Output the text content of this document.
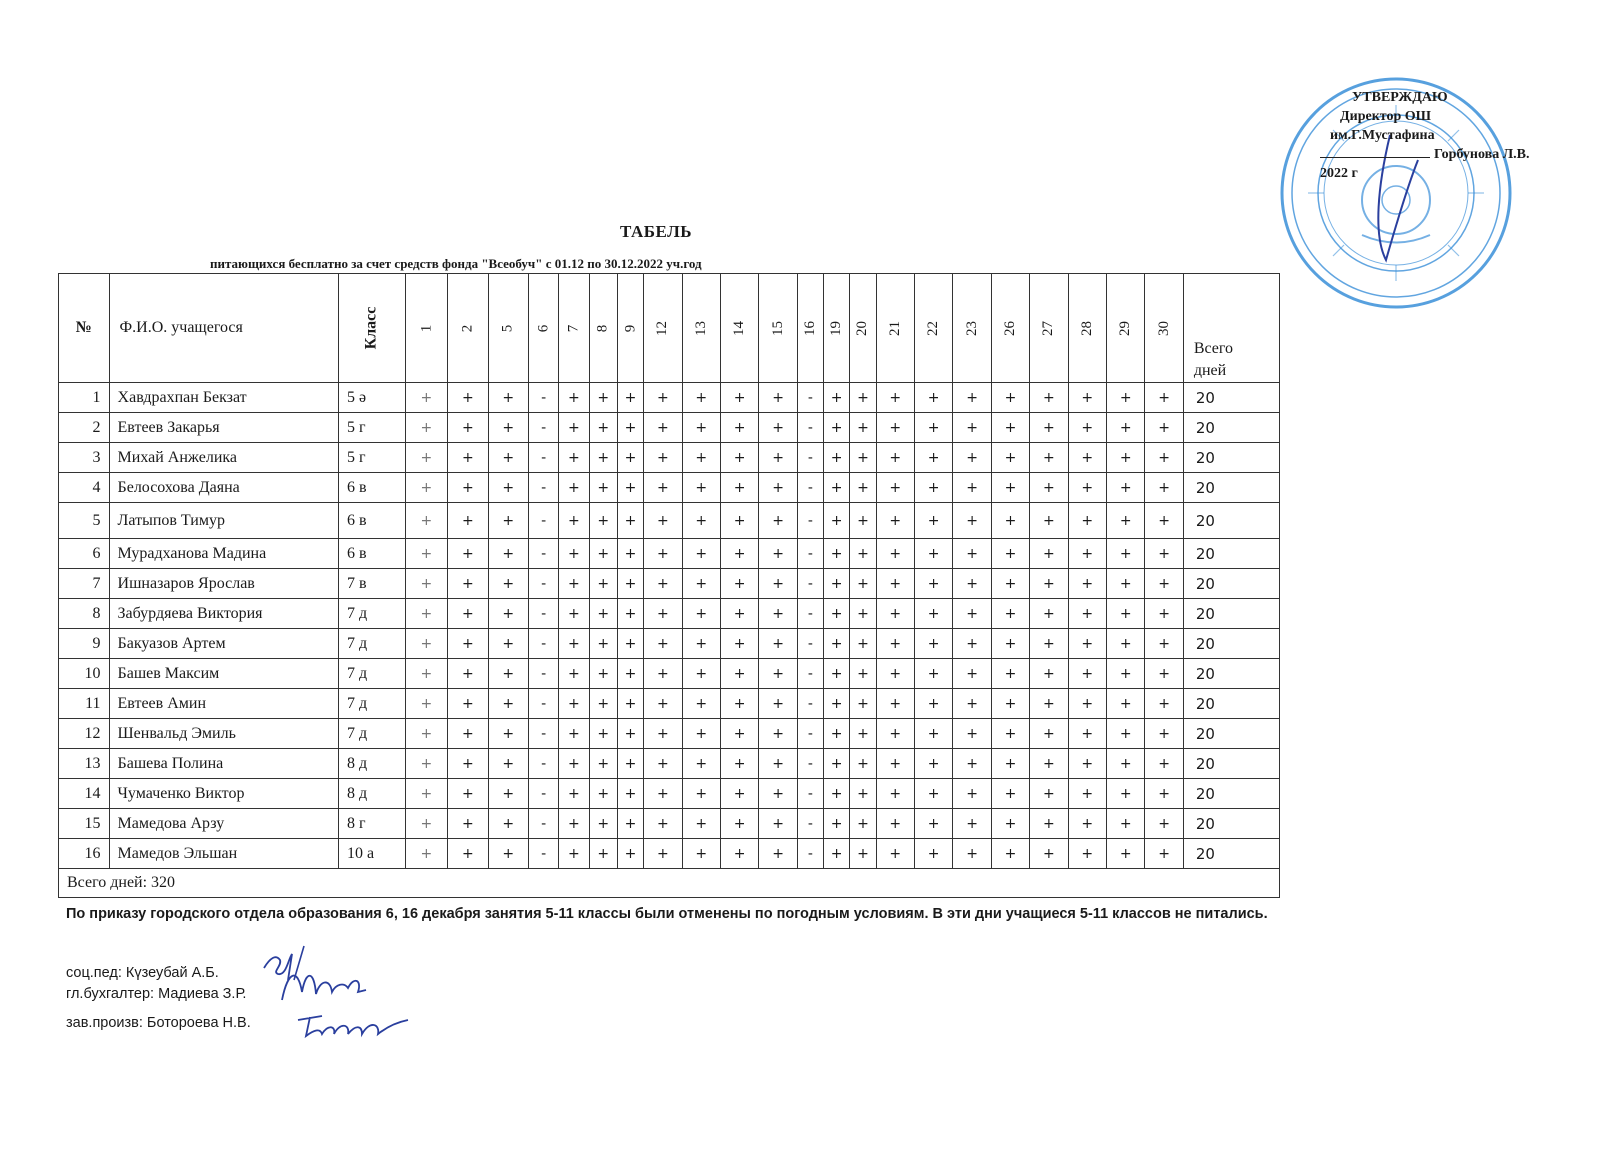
УТВЕРЖДАЮ
Директор ОШ
им.Г.Мустафина
Горбунова Л.В.
2022 г
ТАБЕЛЬ
питающихся бесплатно за счет средств фонда "Всеобуч" с 01.12 по 30.12.2022 уч.год
№	Ф.И.О. учащегося	Класс	1	2	5	6	7	8	9	12	13	14	15	16	19	20	21	22	23	26	27	28	29	30	Всего
дней
1	Хавдрахпан Бекзат	5 ә	+	+	+	-	+	+	+	+	+	+	+	-	+	+	+	+	+	+	+	+	+	+	20
2	Евтеев Закарья	5 г	+	+	+	-	+	+	+	+	+	+	+	-	+	+	+	+	+	+	+	+	+	+	20
3	Михай Анжелика	5 г	+	+	+	-	+	+	+	+	+	+	+	-	+	+	+	+	+	+	+	+	+	+	20
4	Белосохова Даяна	6 в	+	+	+	-	+	+	+	+	+	+	+	-	+	+	+	+	+	+	+	+	+	+	20
5	Латыпов Тимур	6 в	+	+	+	-	+	+	+	+	+	+	+	-	+	+	+	+	+	+	+	+	+	+	20
6	Мурадханова Мадина	6 в	+	+	+	-	+	+	+	+	+	+	+	-	+	+	+	+	+	+	+	+	+	+	20
7	Ишназаров Ярослав	7 в	+	+	+	-	+	+	+	+	+	+	+	-	+	+	+	+	+	+	+	+	+	+	20
8	Забурдяева Виктория	7 д	+	+	+	-	+	+	+	+	+	+	+	-	+	+	+	+	+	+	+	+	+	+	20
9	Бакуазов Артем	7 д	+	+	+	-	+	+	+	+	+	+	+	-	+	+	+	+	+	+	+	+	+	+	20
10	Башев Максим	7 д	+	+	+	-	+	+	+	+	+	+	+	-	+	+	+	+	+	+	+	+	+	+	20
11	Евтеев Амин	7 д	+	+	+	-	+	+	+	+	+	+	+	-	+	+	+	+	+	+	+	+	+	+	20
12	Шенвальд Эмиль	7 д	+	+	+	-	+	+	+	+	+	+	+	-	+	+	+	+	+	+	+	+	+	+	20
13	Башева Полина	8 д	+	+	+	-	+	+	+	+	+	+	+	-	+	+	+	+	+	+	+	+	+	+	20
14	Чумаченко Виктор	8 д	+	+	+	-	+	+	+	+	+	+	+	-	+	+	+	+	+	+	+	+	+	+	20
15	Мамедова Арзу	8 г	+	+	+	-	+	+	+	+	+	+	+	-	+	+	+	+	+	+	+	+	+	+	20
16	Мамедов Эльшан	10 а	+	+	+	-	+	+	+	+	+	+	+	-	+	+	+	+	+	+	+	+	+	+	20
Всего дней: 320																									
По приказу городского отдела образования 6, 16 декабря занятия 5-11 классы были отменены по погодным условиям. В эти дни учащиеся 5-11 классов не питались.
соц.пед: Күзеубай А.Б.
гл.бухгалтер: Мадиева З.Р.
зав.произв: Ботороева Н.В.
